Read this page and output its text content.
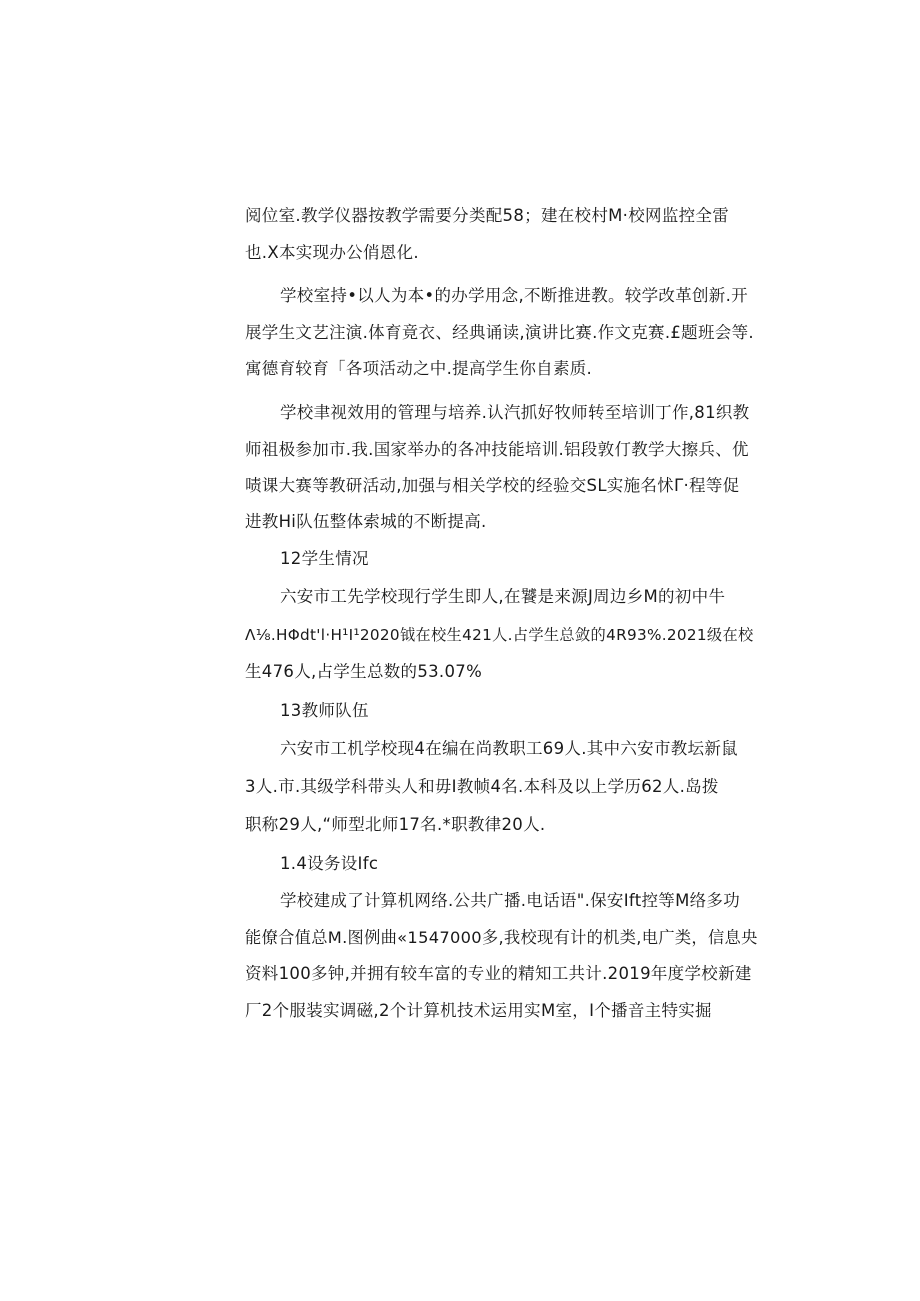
阅位室.教学仪器按教学需要分类配58；建在校村M·校网监控全雷

也.X本实现办公俏恩化.

学校室持•以人为本•的办学用念,不断推进教。较学改革创新.开

展学生文艺注演.体育竟衣、经典诵读,演讲比赛.作文克赛.£题班会等.

寓德育较育「各项活动之中.提高学生你自素质.

学校聿视效用的管理与培养.认汽抓好牧师转至培训丁作,81织教

师祖极参加市.我.国家举办的各冲技能培训.铝段敦仃教学大擦兵、优

啧课大赛等教研活动,加强与相关学校的经验交SL实施名怵Γ·程等促

进教Hi队伍整体索城的不断提高.

12学生情况

六安市工先学校现行学生即人,在饕是来源J周边乡M的初中牛

Λ⅛.HΦdt'l·H¹I¹2020钺在校生421人.占学生总敛的4R93%.2021级在校

生476人,占学生总数的53.07%

13教师队伍

六安市工机学校现4在编在尚教职工69人.其中六安市教坛新鼠

3人.市.其级学科带头人和毋I教帧4名.本科及以上学历62人.岛拨

职称29人,“师型北师17名.*职教律20人.

1.4设务设Ifc

学校建成了计算机网络.公共广播.电话语".保安Ift控等M络多功

能僚合值总M.图例曲«1547000多,我校现有计的机类,电广类，信息央

资料100多钟,并拥有较车富的专业的精知工共计.2019年度学校新建

厂2个服装实调磁,2个计算机技术运用实M室，I个播音主特实掘
